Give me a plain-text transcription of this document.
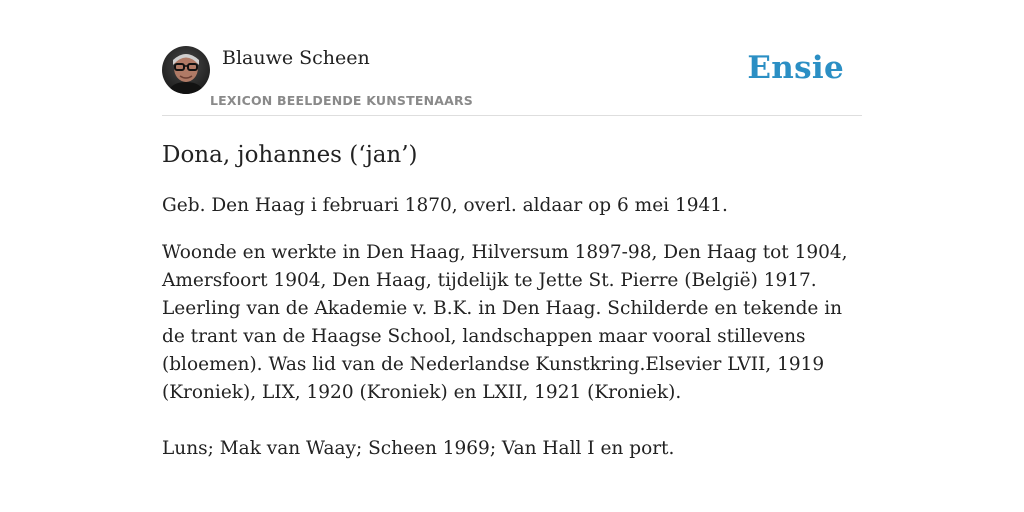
Blauwe Scheen
LEXICON BEELDENDE KUNSTENAARS
Ensie
Dona, johannes (‘jan’)

Geb. Den Haag i februari 1870, overl. aldaar op 6 mei 1941.

Woonde en werkte in Den Haag, Hilversum 1897-98, Den Haag tot 1904, Amersfoort 1904, Den Haag, tijdelijk te Jette St. Pierre (België) 1917. Leerling van de Akademie v. B.K. in Den Haag. Schilderde en tekende in de trant van de Haagse School, landschappen maar vooral stillevens (bloemen). Was lid van de Nederlandse Kunstkring.Elsevier LVII, 1919 (Kroniek), LIX, 1920 (Kroniek) en LXII, 1921 (Kroniek).

Luns; Mak van Waay; Scheen 1969; Van Hall I en port.
